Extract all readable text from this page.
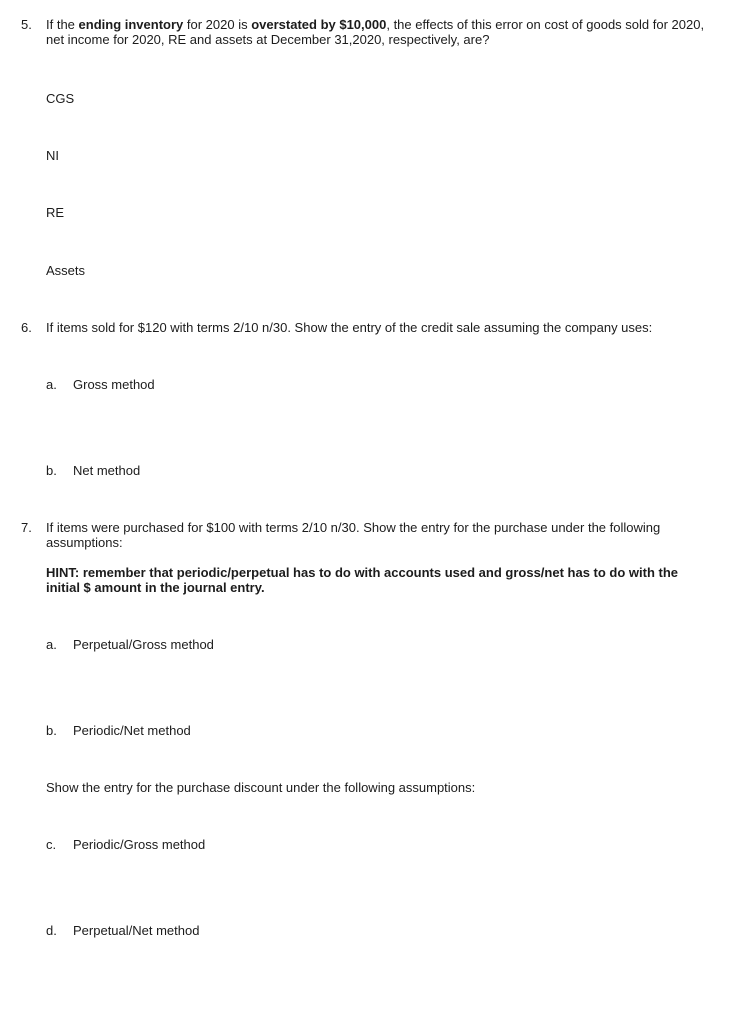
5. If the ending inventory for 2020 is overstated by $10,000, the effects of this error on cost of goods sold for 2020, net income for 2020, RE and assets at December 31,2020, respectively, are?
CGS
NI
RE
Assets
6. If items sold for $120 with terms 2/10 n/30. Show the entry of the credit sale assuming the company uses:
a. Gross method
b. Net method
7. If items were purchased for $100 with terms 2/10 n/30. Show the entry for the purchase under the following assumptions:
HINT: remember that periodic/perpetual has to do with accounts used and gross/net has to do with the initial $ amount in the journal entry.
a. Perpetual/Gross method
b. Periodic/Net method
Show the entry for the purchase discount under the following assumptions:
c. Periodic/Gross method
d. Perpetual/Net method
